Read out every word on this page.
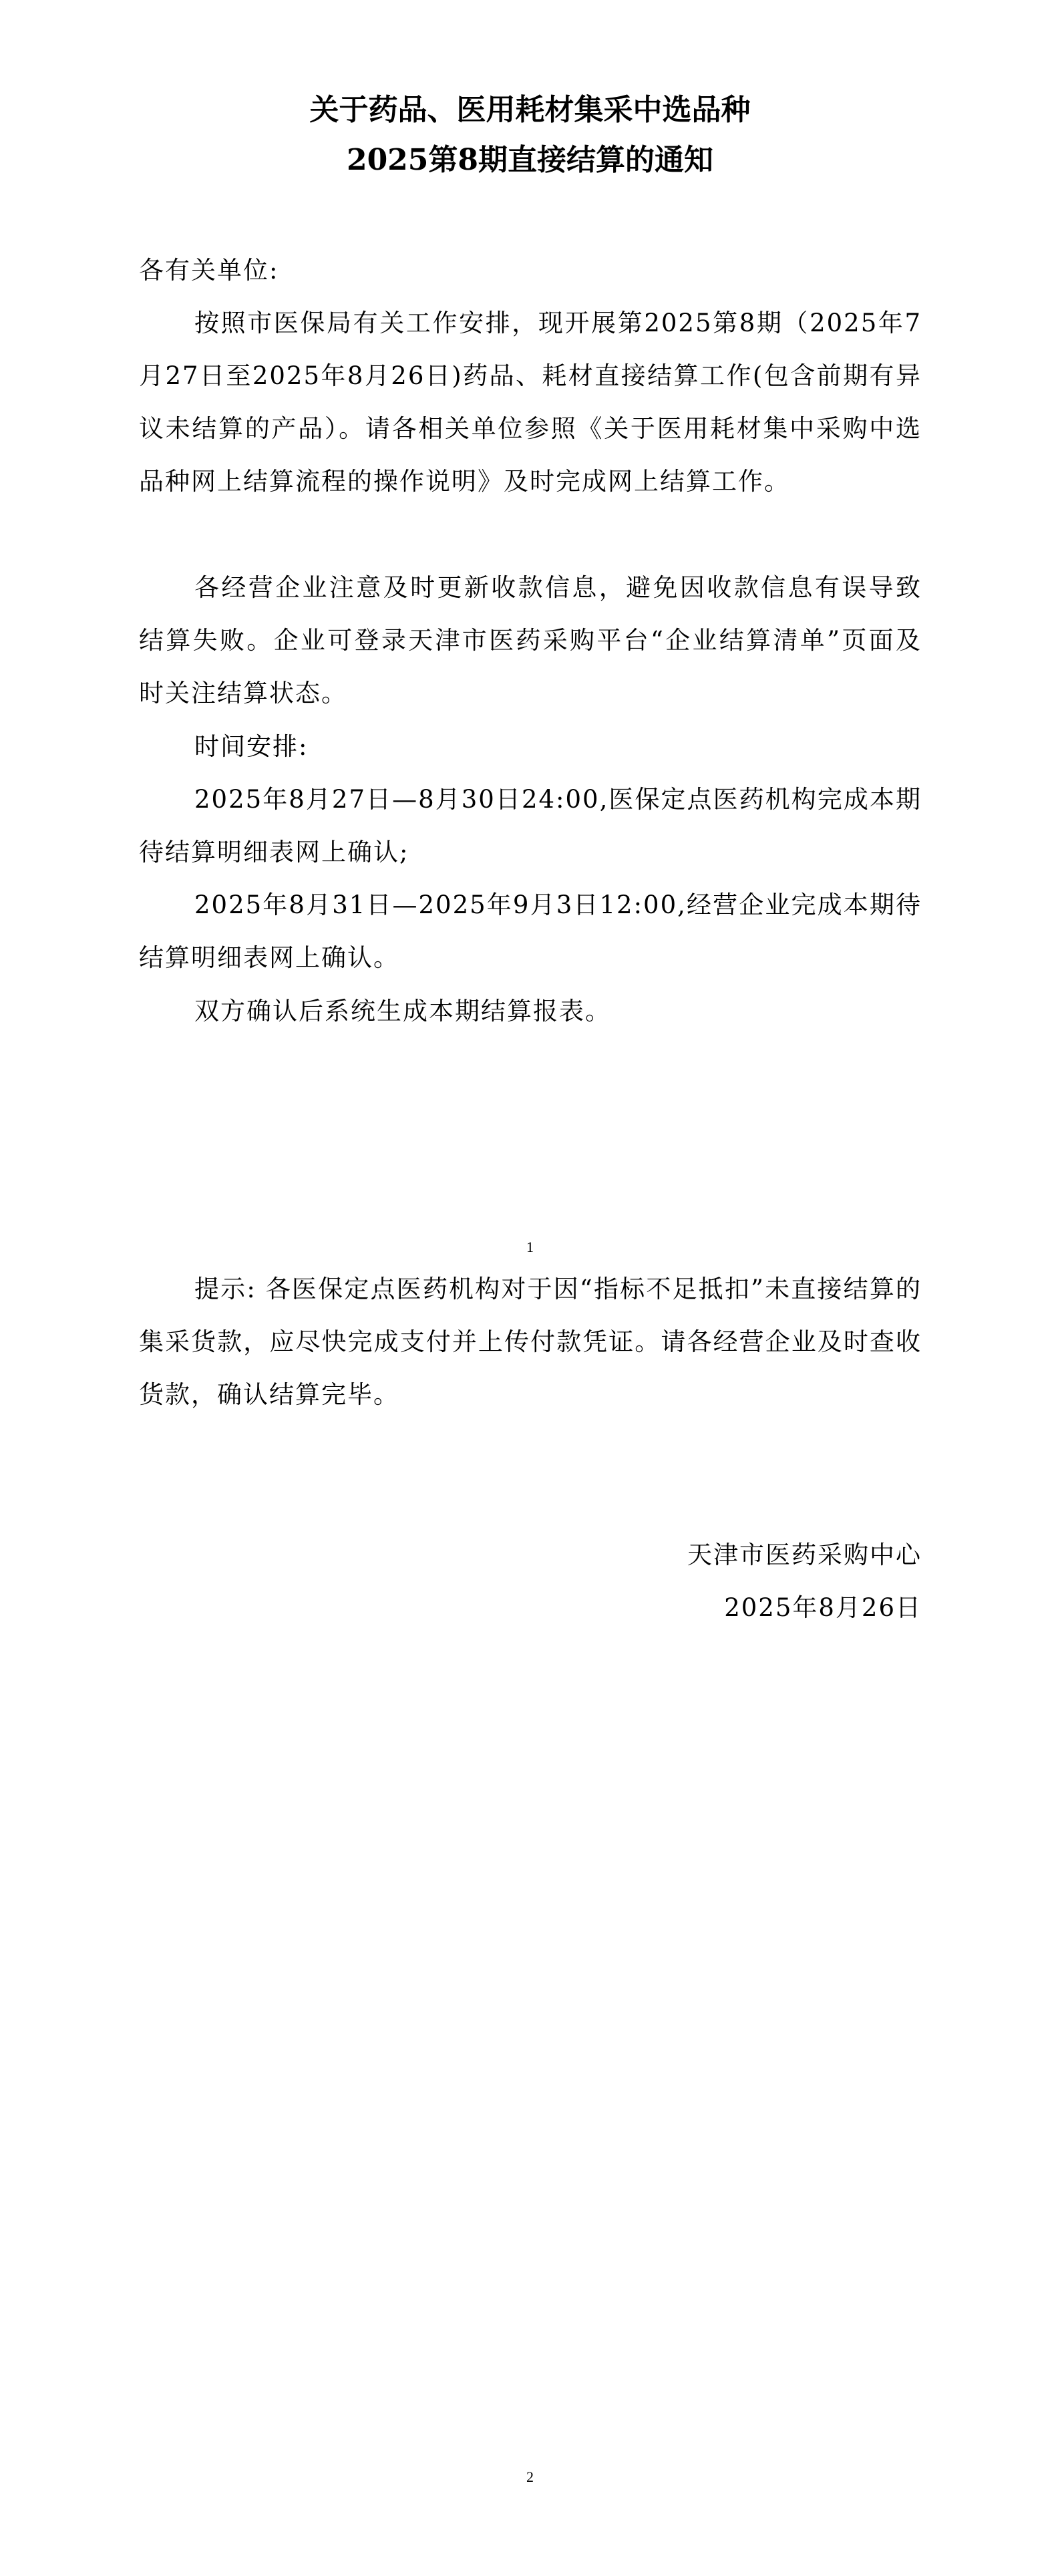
关于药品、医用耗材集采中选品种
2025第8期直接结算的通知

各有关单位:

按照市医保局有关工作安排，现开展第2025第8期（2025年7月27日至2025年8月26日)药品、耗材直接结算工作(包含前期有异议未结算的产品）。请各相关单位参照《关于医用耗材集中采购中选品种网上结算流程的操作说明》及时完成网上结算工作。

各经营企业注意及时更新收款信息，避免因收款信息有误导致结算失败。企业可登录天津市医药采购平台“企业结算清单”页面及时关注结算状态。

时间安排:

2025年8月27日—8月30日24:00,医保定点医药机构完成本期待结算明细表网上确认;

2025年8月31日—2025年9月3日12:00,经营企业完成本期待结算明细表网上确认。

双方确认后系统生成本期结算报表。

1

提示: 各医保定点医药机构对于因“指标不足抵扣”未直接结算的集采货款，应尽快完成支付并上传付款凭证。请各经营企业及时查收货款，确认结算完毕。

天津市医药采购中心

2025年8月26日

2
